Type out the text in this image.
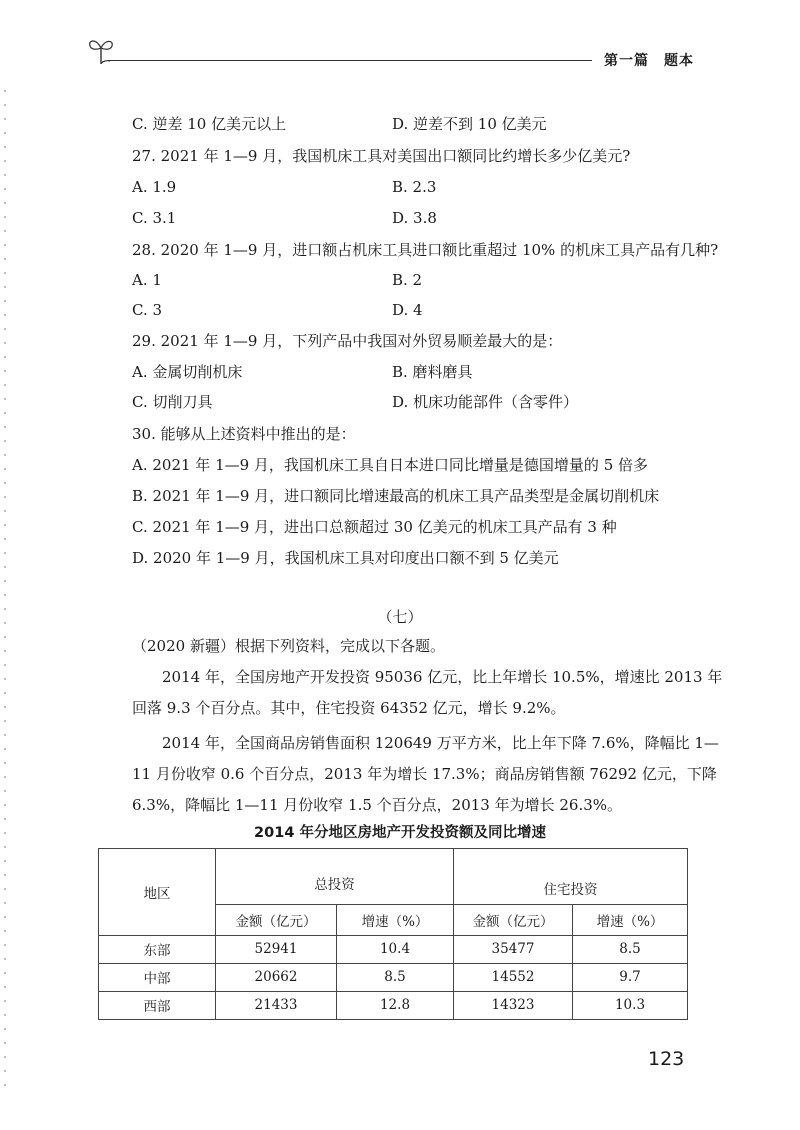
第一篇　题本
C. 逆差 10 亿美元以上	D. 逆差不到 10 亿美元
27. 2021 年 1—9 月，我国机床工具对美国出口额同比约增长多少亿美元?
A. 1.9	B. 2.3
C. 3.1	D. 3.8
28. 2020 年 1—9 月，进口额占机床工具进口额比重超过 10% 的机床工具产品有几种?
A. 1	B. 2
C. 3	D. 4
29. 2021 年 1—9 月，下列产品中我国对外贸易顺差最大的是：
A. 金属切削机床	B. 磨料磨具
C. 切削刀具	D. 机床功能部件（含零件）
30. 能够从上述资料中推出的是：
A. 2021 年 1—9 月，我国机床工具自日本进口同比增量是德国增量的 5 倍多
B. 2021 年 1—9 月，进口额同比增速最高的机床工具产品类型是金属切削机床
C. 2021 年 1—9 月，进出口总额超过 30 亿美元的机床工具产品有 3 种
D. 2020 年 1—9 月，我国机床工具对印度出口额不到 5 亿美元
（七）
（2020 新疆）根据下列资料，完成以下各题。
2014 年，全国房地产开发投资 95036 亿元，比上年增长 10.5%，增速比 2013 年
回落 9.3 个百分点。其中，住宅投资 64352 亿元，增长 9.2%。
2014 年，全国商品房销售面积 120649 万平方米，比上年下降 7.6%，降幅比 1—
11 月份收窄 0.6 个百分点，2013 年为增长 17.3%；商品房销售额 76292 亿元，下降
6.3%，降幅比 1—11 月份收窄 1.5 个百分点，2013 年为增长 26.3%。
2014 年分地区房地产开发投资额及同比增速
地区	总投资		住宅投资	
	金额（亿元）	增速（%）	金额（亿元）	增速（%）
东部	52941	10.4	35477	8.5
中部	20662	8.5	14552	9.7
西部	21433	12.8	14323	10.3
123
